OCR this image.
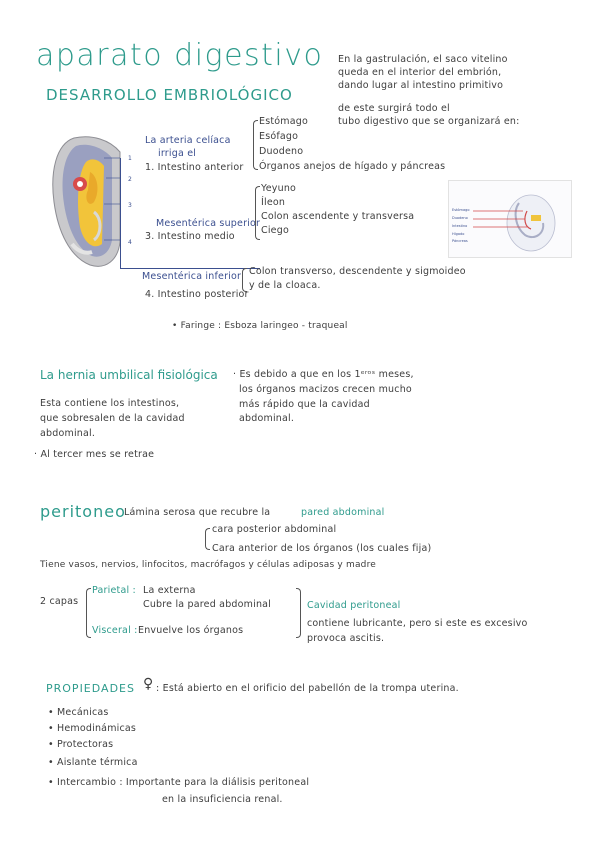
aparato digestivo
DESARROLLO EMBRIOLÓGICO
En la gastrulación, el saco vitelino
queda en el interior del embrión,
dando lugar al intestino primitivo
de este surgirá todo el
tubo digestivo que se organizará en:
1
2
3
4
La arteria celíaca
irriga el
1. Intestino anterior
Estómago
Esófago
Duodeno
Órganos anejos de hígado y páncreas
Mesentérica superior
3. Intestino medio
Yeyuno
Íleon
Colon ascendente y transversa
Ciego
Estómago
Duodeno
Intestino
Hígado
Páncreas
Mesentérica inferior
4. Intestino posterior
Colon transverso, descendente y sigmoideo
y de la cloaca.
• Faringe : Esboza laringeo - traqueal
La hernia umbilical fisiológica · Es debido a que en los 1ᵉʳᵒˢ meses,
los órganos macizos crecen mucho
más rápido que la cavidad
abdominal.
Esta contiene los intestinos,
que sobresalen de la cavidad
abdominal.
· Al tercer mes se retrae
peritoneo
Lámina serosa que recubre la	pared abdominal
cara posterior abdominal
Cara anterior de los órganos (los cuales fija)
Tiene vasos, nervios, linfocitos, macrófagos y células adiposas y madre
2 capas
Parietal : La externa
Cubre la pared abdominal
Visceral : Envuelve los órganos
Cavidad peritoneal
contiene lubricante, pero si este es excesivo
provoca ascitis.
PROPIEDADES ♀ : Está abierto en el orificio del pabellón de la trompa uterina.
• Mecánicas
• Hemodinámicas
• Protectoras
• Aislante térmica
• Intercambio : Importante para la diálisis peritoneal
en la insuficiencia renal.
